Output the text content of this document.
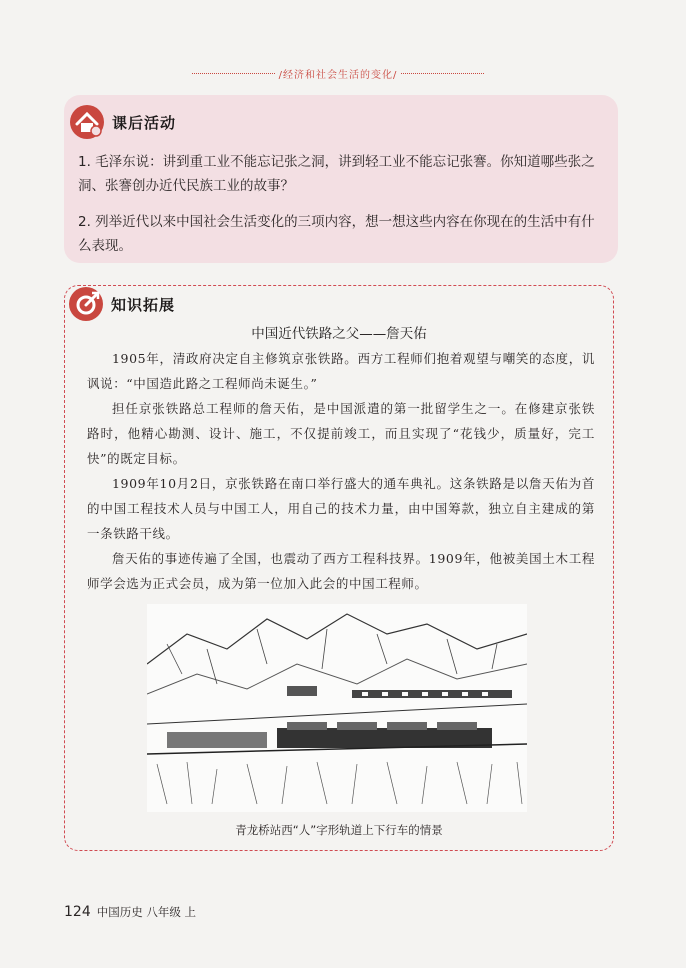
/经济和社会生活的变化/
课后活动
1. 毛泽东说：讲到重工业不能忘记张之洞，讲到轻工业不能忘记张謇。你知道哪些张之洞、张謇创办近代民族工业的故事？
2. 列举近代以来中国社会生活变化的三项内容，想一想这些内容在你现在的生活中有什么表现。
知识拓展
中国近代铁路之父——詹天佑

1905年，清政府决定自主修筑京张铁路。西方工程师们抱着观望与嘲笑的态度，讥讽说：“中国造此路之工程师尚未诞生。”

担任京张铁路总工程师的詹天佑，是中国派遣的第一批留学生之一。在修建京张铁路时，他精心勘测、设计、施工，不仅提前竣工，而且实现了“花钱少，质量好，完工快”的既定目标。

1909年10月2日，京张铁路在南口举行盛大的通车典礼。这条铁路是以詹天佑为首的中国工程技术人员与中国工人，用自己的技术力量，由中国筹款，独立自主建成的第一条铁路干线。

詹天佑的事迹传遍了全国，也震动了西方工程科技界。1909年，他被美国土木工程师学会选为正式会员，成为第一位加入此会的中国工程师。

青龙桥站西“人”字形轨道上下行车的情景
124 中国历史 八年级 上
